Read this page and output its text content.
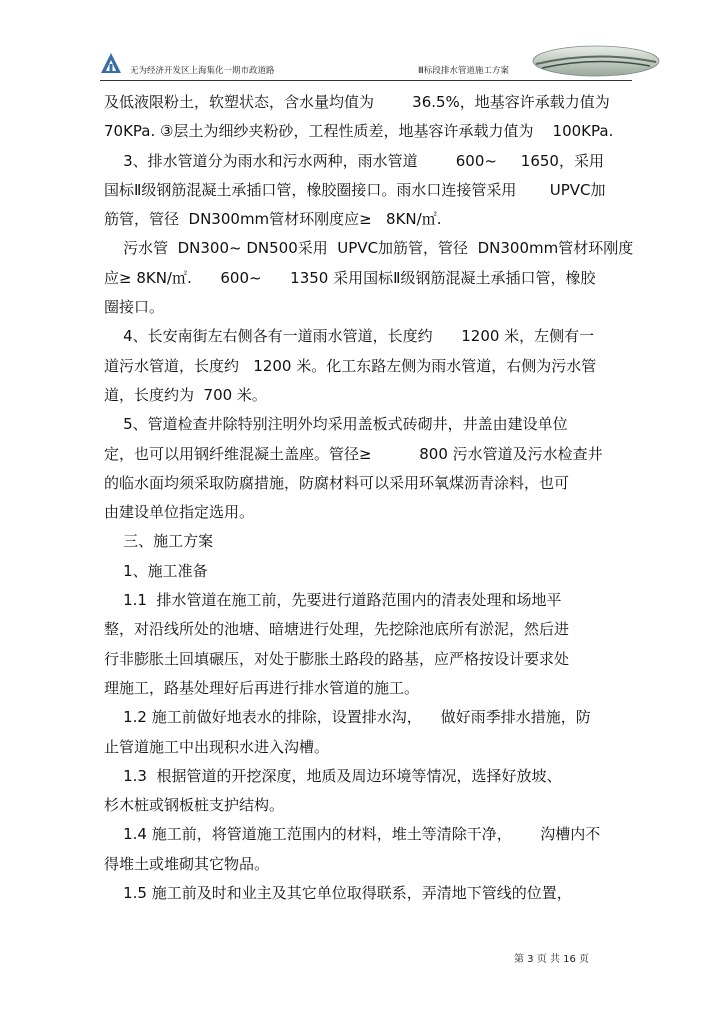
无为经济开发区上海集化一期市政道路	Ⅲ标段排水管道施工方案
及低液限粉土，软塑状态，含水量均值为        36.5%，地基容许承载力值为
70KPa. ③层土为细纱夹粉砂，工程性质差，地基容许承载力值为    100KPa.
3、排水管道分为雨水和污水两种，雨水管道        600~     1650，采用
国标Ⅱ级钢筋混凝土承插口管，橡胶圈接口。雨水口连接管采用       UPVC加
筋管，管径  DN300mm管材环刚度应≥   8KN/㎡.
污水管  DN300~ DN500采用  UPVC加筋管，管径  DN300mm管材环刚度
应≥ 8KN/㎡.      600~      1350 采用国标Ⅱ级钢筋混凝土承插口管，橡胶
圈接口。
4、长安南街左右侧各有一道雨水管道，长度约      1200 米，左侧有一
道污水管道，长度约   1200 米。化工东路左侧为雨水管道，右侧为污水管
道，长度约为  700 米。
5、管道检查井除特别注明外均采用盖板式砖砌井，井盖由建设单位
定，也可以用钢纤维混凝土盖座。管径≥          800 污水管道及污水检查井
的临水面均须采取防腐措施，防腐材料可以采用环氧煤沥青涂料，也可
由建设单位指定选用。
三、施工方案
1、施工准备
1.1  排水管道在施工前，先要进行道路范围内的清表处理和场地平
整，对沿线所处的池塘、暗塘进行处理，先挖除池底所有淤泥，然后进
行非膨胀土回填碾压，对处于膨胀土路段的路基，应严格按设计要求处
理施工，路基处理好后再进行排水管道的施工。
1.2 施工前做好地表水的排除，设置排水沟，    做好雨季排水措施，防
止管道施工中出现积水进入沟槽。
1.3  根据管道的开挖深度，地质及周边环境等情况，选择好放坡、
杉木桩或钢板桩支护结构。
1.4 施工前，将管道施工范围内的材料，堆土等清除干净，      沟槽内不
得堆土或堆砌其它物品。
1.5 施工前及时和业主及其它单位取得联系，弄清地下管线的位置，
第 3 页 共 16 页
